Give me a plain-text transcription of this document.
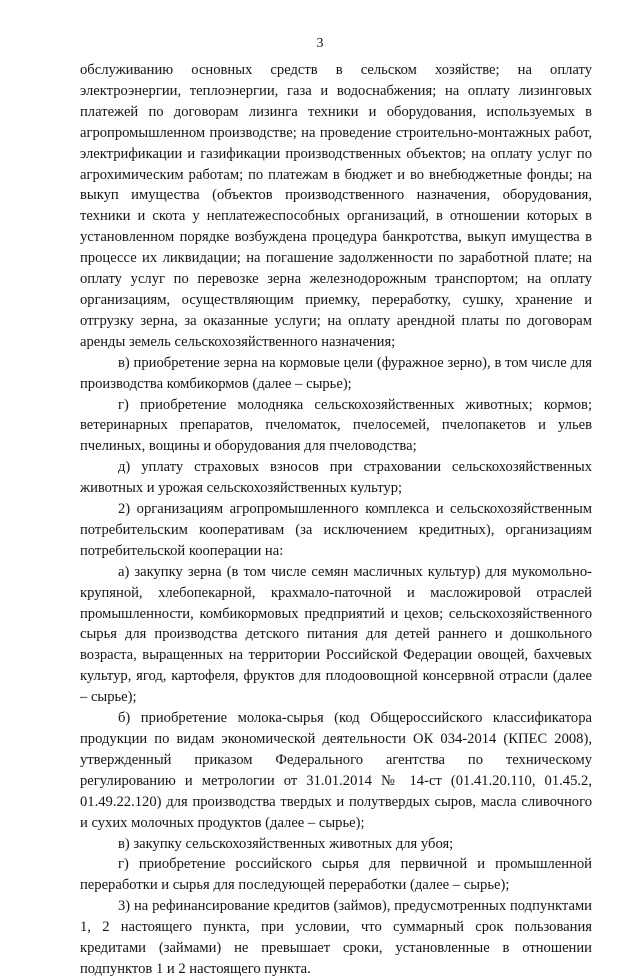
3

обслуживанию основных средств в сельском хозяйстве; на оплату электроэнергии, теплоэнергии, газа и водоснабжения; на оплату лизинговых платежей по договорам лизинга техники и оборудования, используемых в агропромышленном производстве; на проведение строительно-монтажных работ, электрификации и газификации производственных объектов; на оплату услуг по агрохимическим работам; по платежам в бюджет и во внебюджетные фонды; на выкуп имущества (объектов производственного назначения, оборудования, техники и скота у неплатежеспособных организаций, в отношении которых в установленном порядке возбуждена процедура банкротства, выкуп имущества в процессе их ликвидации; на погашение задолженности по заработной плате; на оплату услуг по перевозке зерна железнодорожным транспортом; на оплату организациям, осуществляющим приемку, переработку, сушку, хранение и отгрузку зерна, за оказанные услуги; на оплату арендной платы по договорам аренды земель сельскохозяйственного назначения;

в) приобретение зерна на кормовые цели (фуражное зерно), в том числе для производства комбикормов (далее – сырье);

г) приобретение молодняка сельскохозяйственных животных; кормов; ветеринарных препаратов, пчеломаток, пчелосемей, пчелопакетов и ульев пчелиных, вощины и оборудования для пчеловодства;

д) уплату страховых взносов при страховании сельскохозяйственных животных и урожая сельскохозяйственных культур;

2) организациям агропромышленного комплекса и сельскохозяйственным потребительским кооперативам (за исключением кредитных), организациям потребительской кооперации на:

а) закупку зерна (в том числе семян масличных культур) для мукомольно-крупяной, хлебопекарной, крахмало-паточной и масложировой отраслей промышленности, комбикормовых предприятий и цехов; сельскохозяйственного сырья для производства детского питания для детей раннего и дошкольного возраста, выращенных на территории Российской Федерации овощей, бахчевых культур, ягод, картофеля, фруктов для плодоовощной консервной отрасли (далее – сырье);

б) приобретение молока-сырья (код Общероссийского классификатора продукции по видам экономической деятельности ОК 034-2014 (КПЕС 2008), утвержденный приказом Федерального агентства по техническому регулированию и метрологии от 31.01.2014 № 14-ст (01.41.20.110, 01.45.2, 01.49.22.120) для производства твердых и полутвердых сыров, масла сливочного и сухих молочных продуктов (далее – сырье);

в) закупку сельскохозяйственных животных для убоя;

г) приобретение российского сырья для первичной и промышленной переработки и сырья для последующей переработки (далее – сырье);

3) на рефинансирование кредитов (займов), предусмотренных подпунктами 1, 2 настоящего пункта, при условии, что суммарный срок пользования кредитами (займами) не превышает сроки, установленные в отношении подпунктов 1 и 2 настоящего пункта.
